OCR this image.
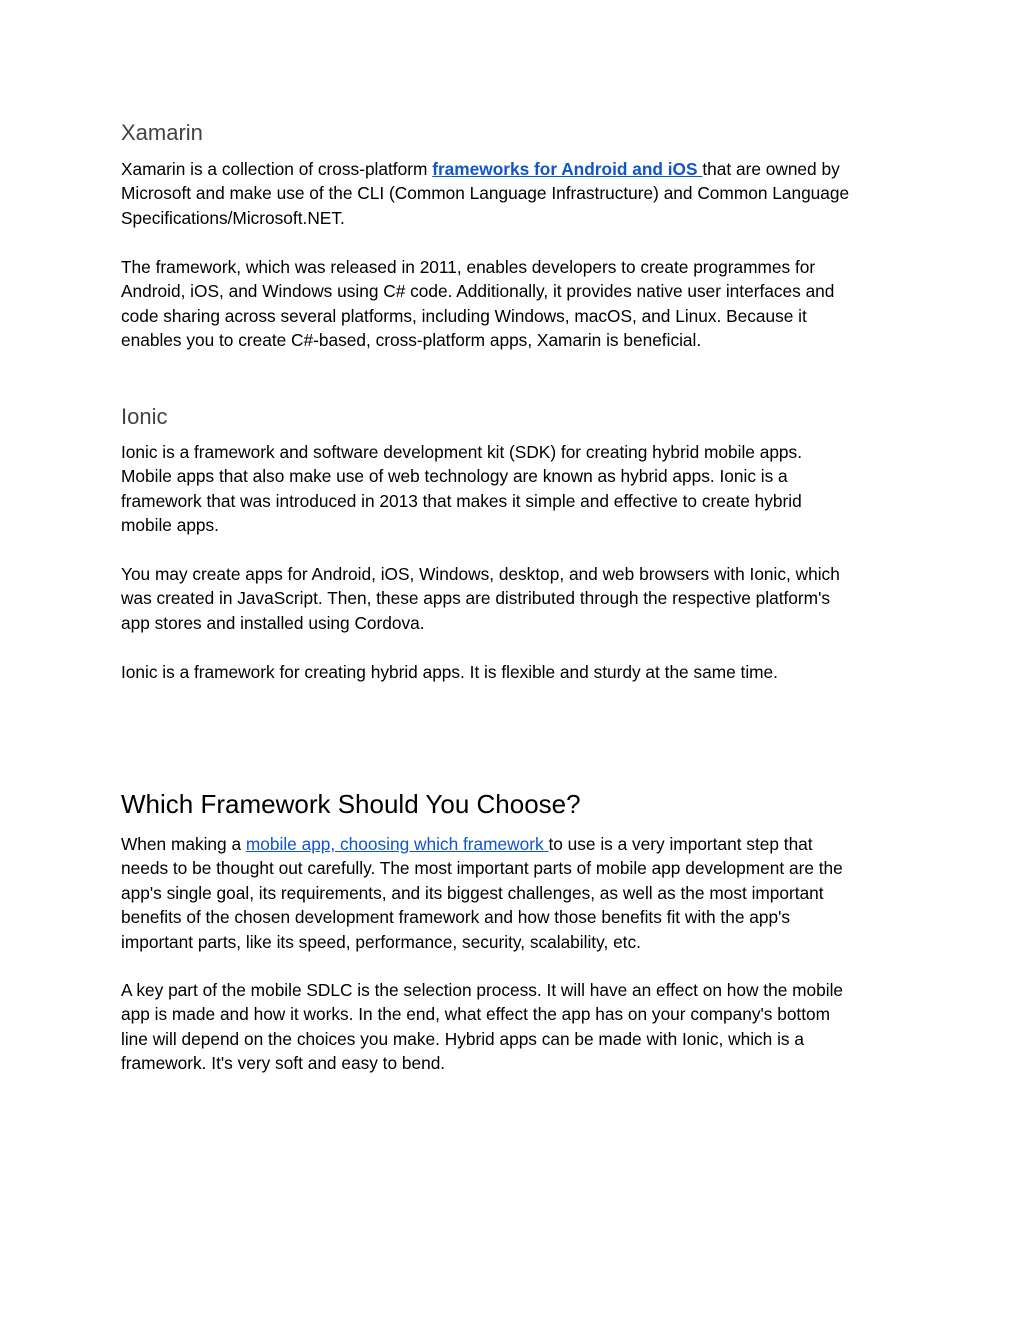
Xamarin

Xamarin is a collection of cross-platform frameworks for Android and iOS that are owned by
Microsoft and make use of the CLI (Common Language Infrastructure) and Common Language
Specifications/Microsoft.NET.

The framework, which was released in 2011, enables developers to create programmes for
Android, iOS, and Windows using C# code. Additionally, it provides native user interfaces and
code sharing across several platforms, including Windows, macOS, and Linux. Because it
enables you to create C#-based, cross-platform apps, Xamarin is beneficial.

Ionic

Ionic is a framework and software development kit (SDK) for creating hybrid mobile apps.
Mobile apps that also make use of web technology are known as hybrid apps. Ionic is a
framework that was introduced in 2013 that makes it simple and effective to create hybrid
mobile apps.

You may create apps for Android, iOS, Windows, desktop, and web browsers with Ionic, which
was created in JavaScript. Then, these apps are distributed through the respective platform's
app stores and installed using Cordova.

Ionic is a framework for creating hybrid apps. It is flexible and sturdy at the same time.

Which Framework Should You Choose?

When making a mobile app, choosing which framework to use is a very important step that
needs to be thought out carefully. The most important parts of mobile app development are the
app's single goal, its requirements, and its biggest challenges, as well as the most important
benefits of the chosen development framework and how those benefits fit with the app's
important parts, like its speed, performance, security, scalability, etc.

A key part of the mobile SDLC is the selection process. It will have an effect on how the mobile
app is made and how it works. In the end, what effect the app has on your company's bottom
line will depend on the choices you make. Hybrid apps can be made with Ionic, which is a
framework. It's very soft and easy to bend.
